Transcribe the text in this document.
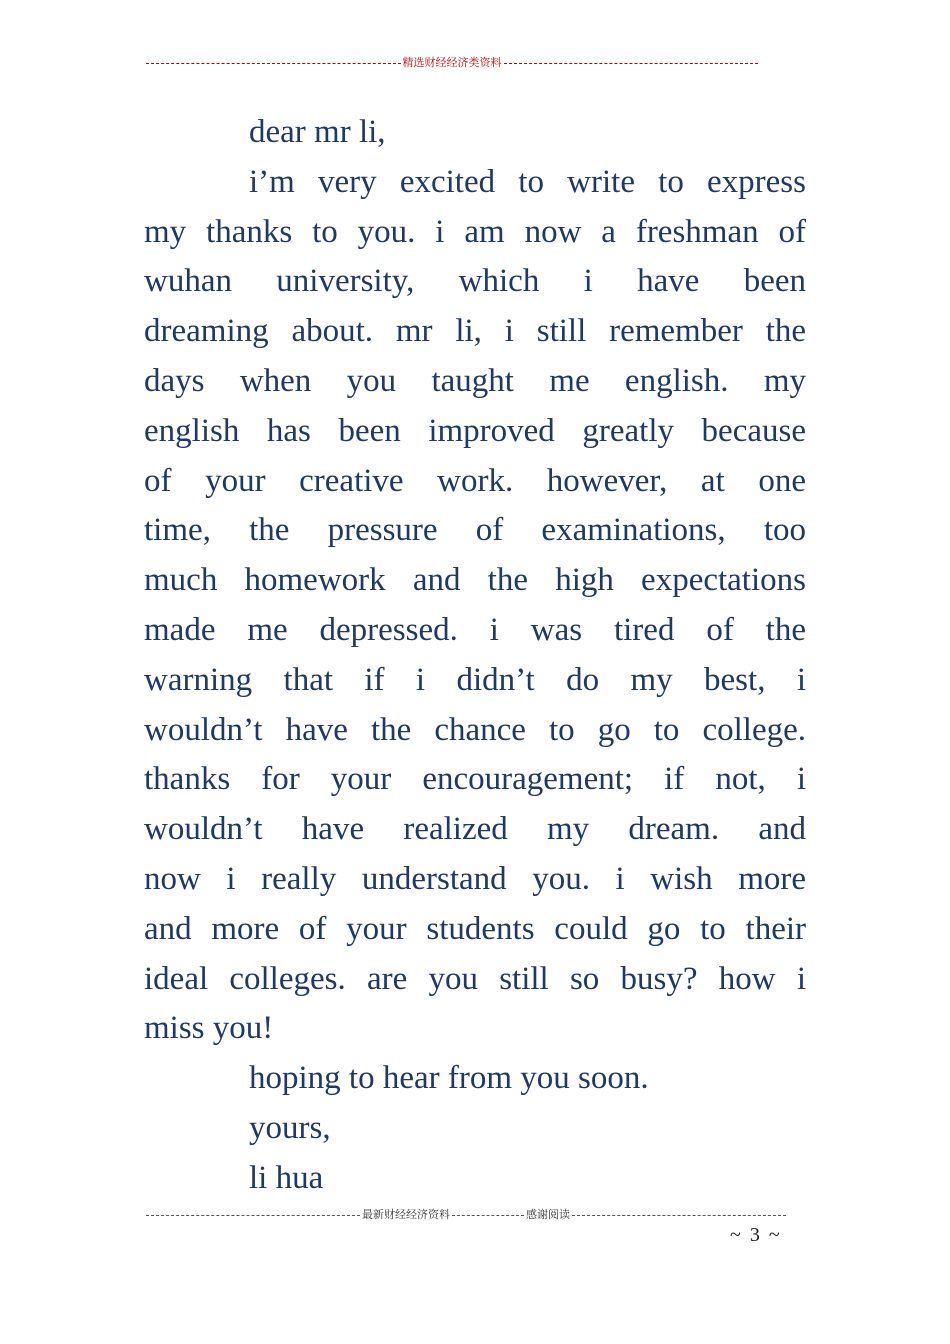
精选财经经济类资料
dear mr li,
i’m very excited to write to express
my thanks to you. i am now a freshman of
wuhan university, which i have been
dreaming about. mr li, i still remember the
days when you taught me english. my
english has been improved greatly because
of your creative work. however, at one
time, the pressure of examinations, too
much homework and the high expectations
made me depressed. i was tired of the
warning that if i didn’t do my best, i
wouldn’t have the chance to go to college.
thanks for your encouragement; if not, i
wouldn’t have realized my dream. and
now i really understand you. i wish more
and more of your students could go to their
ideal colleges. are you still so busy? how i
miss you!
hoping to hear from you soon.
yours,
li hua
最新财经经济资料	感谢阅读
~ 3 ~
